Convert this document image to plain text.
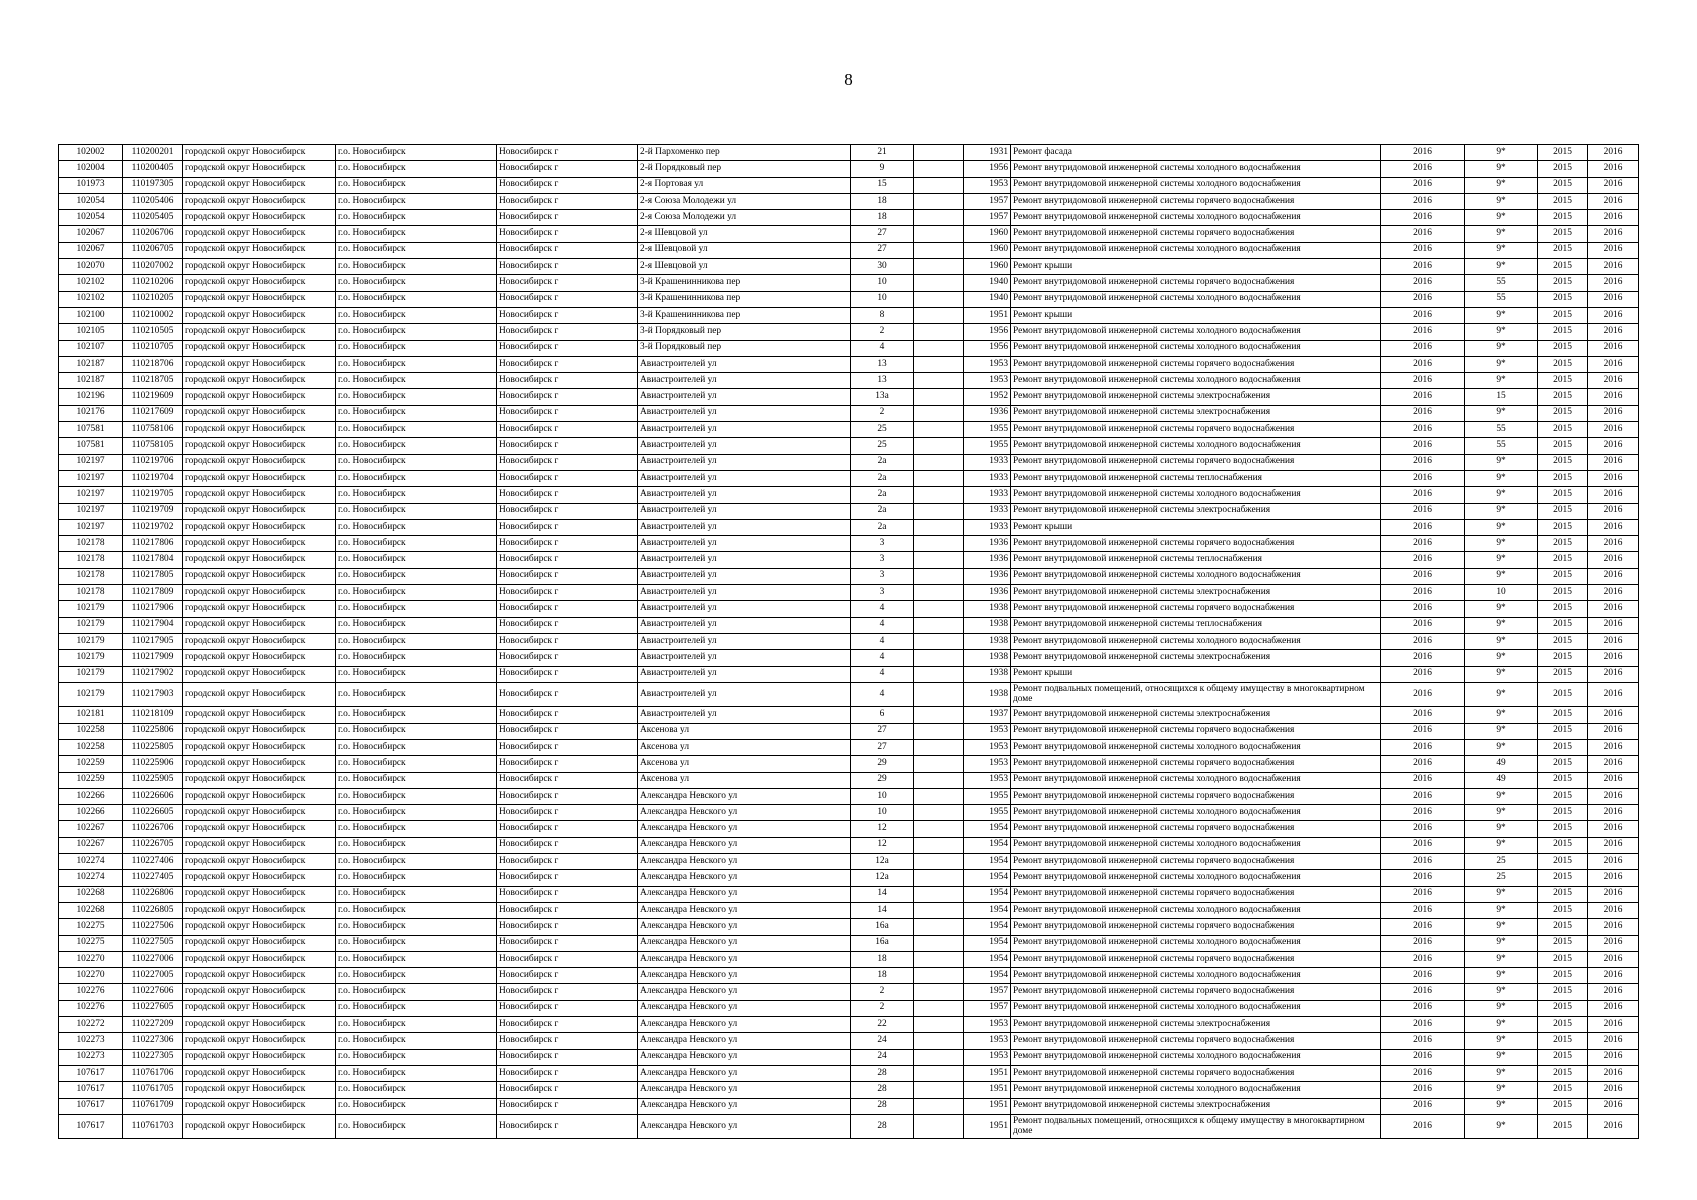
8
102002	110200201	городской округ Новосибирск	г.о. Новосибирск	Новосибирск г	2-й Пархоменко пер	21		1931	Ремонт фасада	2016	9*	2015	2016
102004	110200405	городской округ Новосибирск	г.о. Новосибирск	Новосибирск г	2-й Порядковый пер	9		1956	Ремонт внутридомовой инженерной системы холодного водоснабжения	2016	9*	2015	2016
101973	110197305	городской округ Новосибирск	г.о. Новосибирск	Новосибирск г	2-я Портовая ул	15		1953	Ремонт внутридомовой инженерной системы холодного водоснабжения	2016	9*	2015	2016
102054	110205406	городской округ Новосибирск	г.о. Новосибирск	Новосибирск г	2-я Союза Молодежи ул	18		1957	Ремонт внутридомовой инженерной системы горячего водоснабжения	2016	9*	2015	2016
102054	110205405	городской округ Новосибирск	г.о. Новосибирск	Новосибирск г	2-я Союза Молодежи ул	18		1957	Ремонт внутридомовой инженерной системы холодного водоснабжения	2016	9*	2015	2016
102067	110206706	городской округ Новосибирск	г.о. Новосибирск	Новосибирск г	2-я Шевцовой ул	27		1960	Ремонт внутридомовой инженерной системы горячего водоснабжения	2016	9*	2015	2016
102067	110206705	городской округ Новосибирск	г.о. Новосибирск	Новосибирск г	2-я Шевцовой ул	27		1960	Ремонт внутридомовой инженерной системы холодного водоснабжения	2016	9*	2015	2016
102070	110207002	городской округ Новосибирск	г.о. Новосибирск	Новосибирск г	2-я Шевцовой ул	30		1960	Ремонт крыши	2016	9*	2015	2016
102102	110210206	городской округ Новосибирск	г.о. Новосибирск	Новосибирск г	3-й Крашенинникова пер	10		1940	Ремонт внутридомовой инженерной системы горячего водоснабжения	2016	55	2015	2016
102102	110210205	городской округ Новосибирск	г.о. Новосибирск	Новосибирск г	3-й Крашенинникова пер	10		1940	Ремонт внутридомовой инженерной системы холодного водоснабжения	2016	55	2015	2016
102100	110210002	городской округ Новосибирск	г.о. Новосибирск	Новосибирск г	3-й Крашенинникова пер	8		1951	Ремонт крыши	2016	9*	2015	2016
102105	110210505	городской округ Новосибирск	г.о. Новосибирск	Новосибирск г	3-й Порядковый пер	2		1956	Ремонт внутридомовой инженерной системы холодного водоснабжения	2016	9*	2015	2016
102107	110210705	городской округ Новосибирск	г.о. Новосибирск	Новосибирск г	3-й Порядковый пер	4		1956	Ремонт внутридомовой инженерной системы холодного водоснабжения	2016	9*	2015	2016
102187	110218706	городской округ Новосибирск	г.о. Новосибирск	Новосибирск г	Авиастроителей ул	13		1953	Ремонт внутридомовой инженерной системы горячего водоснабжения	2016	9*	2015	2016
102187	110218705	городской округ Новосибирск	г.о. Новосибирск	Новосибирск г	Авиастроителей ул	13		1953	Ремонт внутридомовой инженерной системы холодного водоснабжения	2016	9*	2015	2016
102196	110219609	городской округ Новосибирск	г.о. Новосибирск	Новосибирск г	Авиастроителей ул	13а		1952	Ремонт внутридомовой инженерной системы электроснабжения	2016	15	2015	2016
102176	110217609	городской округ Новосибирск	г.о. Новосибирск	Новосибирск г	Авиастроителей ул	2		1936	Ремонт внутридомовой инженерной системы электроснабжения	2016	9*	2015	2016
107581	110758106	городской округ Новосибирск	г.о. Новосибирск	Новосибирск г	Авиастроителей ул	25		1955	Ремонт внутридомовой инженерной системы горячего водоснабжения	2016	55	2015	2016
107581	110758105	городской округ Новосибирск	г.о. Новосибирск	Новосибирск г	Авиастроителей ул	25		1955	Ремонт внутридомовой инженерной системы холодного водоснабжения	2016	55	2015	2016
102197	110219706	городской округ Новосибирск	г.о. Новосибирск	Новосибирск г	Авиастроителей ул	2а		1933	Ремонт внутридомовой инженерной системы горячего водоснабжения	2016	9*	2015	2016
102197	110219704	городской округ Новосибирск	г.о. Новосибирск	Новосибирск г	Авиастроителей ул	2а		1933	Ремонт внутридомовой инженерной системы теплоснабжения	2016	9*	2015	2016
102197	110219705	городской округ Новосибирск	г.о. Новосибирск	Новосибирск г	Авиастроителей ул	2а		1933	Ремонт внутридомовой инженерной системы холодного водоснабжения	2016	9*	2015	2016
102197	110219709	городской округ Новосибирск	г.о. Новосибирск	Новосибирск г	Авиастроителей ул	2а		1933	Ремонт внутридомовой инженерной системы электроснабжения	2016	9*	2015	2016
102197	110219702	городской округ Новосибирск	г.о. Новосибирск	Новосибирск г	Авиастроителей ул	2а		1933	Ремонт крыши	2016	9*	2015	2016
102178	110217806	городской округ Новосибирск	г.о. Новосибирск	Новосибирск г	Авиастроителей ул	3		1936	Ремонт внутридомовой инженерной системы горячего водоснабжения	2016	9*	2015	2016
102178	110217804	городской округ Новосибирск	г.о. Новосибирск	Новосибирск г	Авиастроителей ул	3		1936	Ремонт внутридомовой инженерной системы теплоснабжения	2016	9*	2015	2016
102178	110217805	городской округ Новосибирск	г.о. Новосибирск	Новосибирск г	Авиастроителей ул	3		1936	Ремонт внутридомовой инженерной системы холодного водоснабжения	2016	9*	2015	2016
102178	110217809	городской округ Новосибирск	г.о. Новосибирск	Новосибирск г	Авиастроителей ул	3		1936	Ремонт внутридомовой инженерной системы электроснабжения	2016	10	2015	2016
102179	110217906	городской округ Новосибирск	г.о. Новосибирск	Новосибирск г	Авиастроителей ул	4		1938	Ремонт внутридомовой инженерной системы горячего водоснабжения	2016	9*	2015	2016
102179	110217904	городской округ Новосибирск	г.о. Новосибирск	Новосибирск г	Авиастроителей ул	4		1938	Ремонт внутридомовой инженерной системы теплоснабжения	2016	9*	2015	2016
102179	110217905	городской округ Новосибирск	г.о. Новосибирск	Новосибирск г	Авиастроителей ул	4		1938	Ремонт внутридомовой инженерной системы холодного водоснабжения	2016	9*	2015	2016
102179	110217909	городской округ Новосибирск	г.о. Новосибирск	Новосибирск г	Авиастроителей ул	4		1938	Ремонт внутридомовой инженерной системы электроснабжения	2016	9*	2015	2016
102179	110217902	городской округ Новосибирск	г.о. Новосибирск	Новосибирск г	Авиастроителей ул	4		1938	Ремонт крыши	2016	9*	2015	2016
102179	110217903	городской округ Новосибирск	г.о. Новосибирск	Новосибирск г	Авиастроителей ул	4		1938	Ремонт подвальных помещений, относящихся к общему имуществу в многоквартирном доме	2016	9*	2015	2016
102181	110218109	городской округ Новосибирск	г.о. Новосибирск	Новосибирск г	Авиастроителей ул	6		1937	Ремонт внутридомовой инженерной системы электроснабжения	2016	9*	2015	2016
102258	110225806	городской округ Новосибирск	г.о. Новосибирск	Новосибирск г	Аксенова ул	27		1953	Ремонт внутридомовой инженерной системы горячего водоснабжения	2016	9*	2015	2016
102258	110225805	городской округ Новосибирск	г.о. Новосибирск	Новосибирск г	Аксенова ул	27		1953	Ремонт внутридомовой инженерной системы холодного водоснабжения	2016	9*	2015	2016
102259	110225906	городской округ Новосибирск	г.о. Новосибирск	Новосибирск г	Аксенова ул	29		1953	Ремонт внутридомовой инженерной системы горячего водоснабжения	2016	49	2015	2016
102259	110225905	городской округ Новосибирск	г.о. Новосибирск	Новосибирск г	Аксенова ул	29		1953	Ремонт внутридомовой инженерной системы холодного водоснабжения	2016	49	2015	2016
102266	110226606	городской округ Новосибирск	г.о. Новосибирск	Новосибирск г	Александра Невского ул	10		1955	Ремонт внутридомовой инженерной системы горячего водоснабжения	2016	9*	2015	2016
102266	110226605	городской округ Новосибирск	г.о. Новосибирск	Новосибирск г	Александра Невского ул	10		1955	Ремонт внутридомовой инженерной системы холодного водоснабжения	2016	9*	2015	2016
102267	110226706	городской округ Новосибирск	г.о. Новосибирск	Новосибирск г	Александра Невского ул	12		1954	Ремонт внутридомовой инженерной системы горячего водоснабжения	2016	9*	2015	2016
102267	110226705	городской округ Новосибирск	г.о. Новосибирск	Новосибирск г	Александра Невского ул	12		1954	Ремонт внутридомовой инженерной системы холодного водоснабжения	2016	9*	2015	2016
102274	110227406	городской округ Новосибирск	г.о. Новосибирск	Новосибирск г	Александра Невского ул	12а		1954	Ремонт внутридомовой инженерной системы горячего водоснабжения	2016	25	2015	2016
102274	110227405	городской округ Новосибирск	г.о. Новосибирск	Новосибирск г	Александра Невского ул	12а		1954	Ремонт внутридомовой инженерной системы холодного водоснабжения	2016	25	2015	2016
102268	110226806	городской округ Новосибирск	г.о. Новосибирск	Новосибирск г	Александра Невского ул	14		1954	Ремонт внутридомовой инженерной системы горячего водоснабжения	2016	9*	2015	2016
102268	110226805	городской округ Новосибирск	г.о. Новосибирск	Новосибирск г	Александра Невского ул	14		1954	Ремонт внутридомовой инженерной системы холодного водоснабжения	2016	9*	2015	2016
102275	110227506	городской округ Новосибирск	г.о. Новосибирск	Новосибирск г	Александра Невского ул	16а		1954	Ремонт внутридомовой инженерной системы горячего водоснабжения	2016	9*	2015	2016
102275	110227505	городской округ Новосибирск	г.о. Новосибирск	Новосибирск г	Александра Невского ул	16а		1954	Ремонт внутридомовой инженерной системы холодного водоснабжения	2016	9*	2015	2016
102270	110227006	городской округ Новосибирск	г.о. Новосибирск	Новосибирск г	Александра Невского ул	18		1954	Ремонт внутридомовой инженерной системы горячего водоснабжения	2016	9*	2015	2016
102270	110227005	городской округ Новосибирск	г.о. Новосибирск	Новосибирск г	Александра Невского ул	18		1954	Ремонт внутридомовой инженерной системы холодного водоснабжения	2016	9*	2015	2016
102276	110227606	городской округ Новосибирск	г.о. Новосибирск	Новосибирск г	Александра Невского ул	2		1957	Ремонт внутридомовой инженерной системы горячего водоснабжения	2016	9*	2015	2016
102276	110227605	городской округ Новосибирск	г.о. Новосибирск	Новосибирск г	Александра Невского ул	2		1957	Ремонт внутридомовой инженерной системы холодного водоснабжения	2016	9*	2015	2016
102272	110227209	городской округ Новосибирск	г.о. Новосибирск	Новосибирск г	Александра Невского ул	22		1953	Ремонт внутридомовой инженерной системы электроснабжения	2016	9*	2015	2016
102273	110227306	городской округ Новосибирск	г.о. Новосибирск	Новосибирск г	Александра Невского ул	24		1953	Ремонт внутридомовой инженерной системы горячего водоснабжения	2016	9*	2015	2016
102273	110227305	городской округ Новосибирск	г.о. Новосибирск	Новосибирск г	Александра Невского ул	24		1953	Ремонт внутридомовой инженерной системы холодного водоснабжения	2016	9*	2015	2016
107617	110761706	городской округ Новосибирск	г.о. Новосибирск	Новосибирск г	Александра Невского ул	28		1951	Ремонт внутридомовой инженерной системы горячего водоснабжения	2016	9*	2015	2016
107617	110761705	городской округ Новосибирск	г.о. Новосибирск	Новосибирск г	Александра Невского ул	28		1951	Ремонт внутридомовой инженерной системы холодного водоснабжения	2016	9*	2015	2016
107617	110761709	городской округ Новосибирск	г.о. Новосибирск	Новосибирск г	Александра Невского ул	28		1951	Ремонт внутридомовой инженерной системы электроснабжения	2016	9*	2015	2016
107617	110761703	городской округ Новосибирск	г.о. Новосибирск	Новосибирск г	Александра Невского ул	28		1951	Ремонт подвальных помещений, относящихся к общему имуществу в многоквартирном доме	2016	9*	2015	2016
